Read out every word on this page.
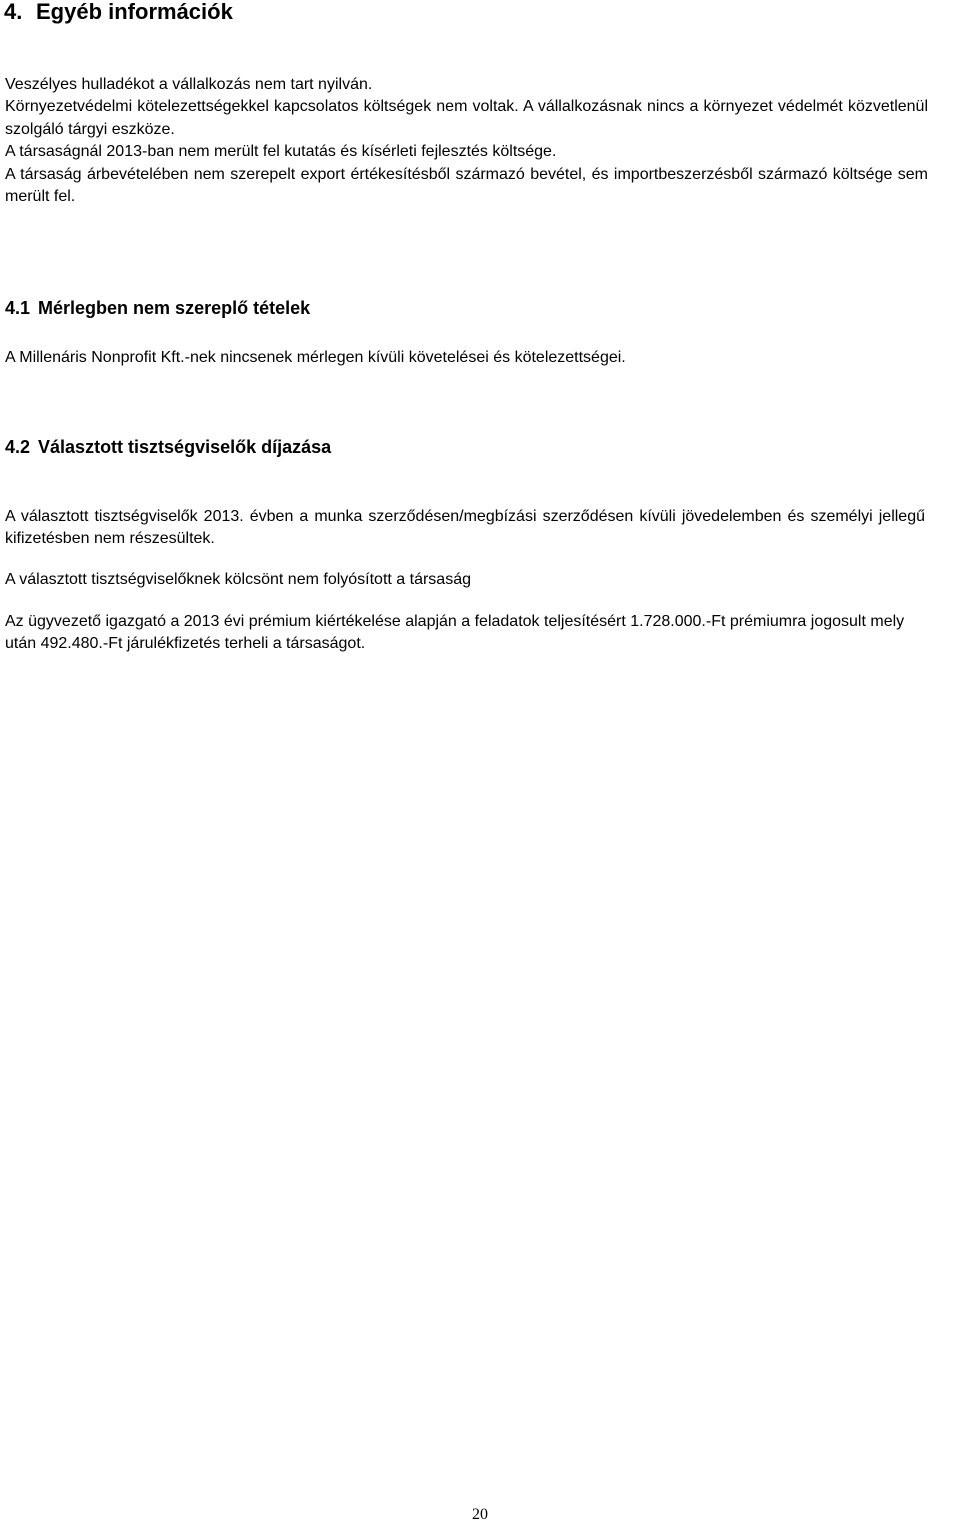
4. Egyéb információk
Veszélyes hulladékot a vállalkozás nem tart nyilván.
Környezetvédelmi kötelezettségekkel kapcsolatos költségek nem voltak. A vállalkozásnak nincs a környezet védelmét közvetlenül szolgáló tárgyi eszköze.
A társaságnál 2013-ban nem merült fel kutatás és kísérleti fejlesztés költsége.
A társaság árbevételében nem szerepelt export értékesítésből származó bevétel, és importbeszerzésből származó költsége sem merült fel.
4.1 Mérlegben nem szereplő tételek

A Millenáris Nonprofit Kft.-nek nincsenek mérlegen kívüli követelései és kötelezettségei.

4.2 Választott tisztségviselők díjazása

A választott tisztségviselők 2013. évben a munka szerződésen/megbízási szerződésen kívüli jövedelemben és személyi jellegű kifizetésben nem részesültek.

A választott tisztségviselőknek kölcsönt nem folyósított a társaság

Az ügyvezető igazgató a 2013 évi prémium kiértékelése alapján a feladatok teljesítésért 1.728.000.-Ft prémiumra jogosult mely után 492.480.-Ft járulékfizetés terheli a társaságot.

20
